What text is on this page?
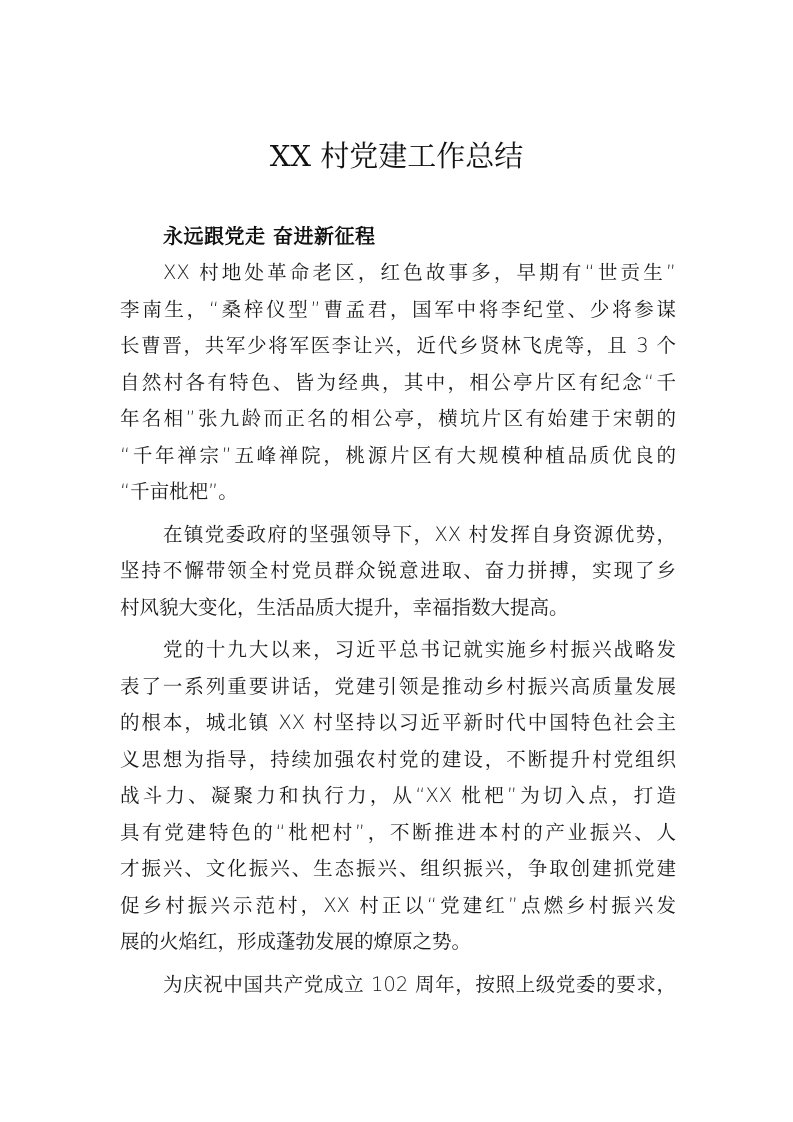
XX 村党建工作总结
永远跟党走 奋进新征程
XX 村地处革命老区，红色故事多，早期有“世贡生”
李南生，“桑梓仪型”曹孟君，国军中将李纪堂、少将参谋
长曹晋，共军少将军医李让兴，近代乡贤林飞虎等，且 3 个
自然村各有特色、皆为经典，其中，相公亭片区有纪念“千
年名相”张九龄而正名的相公亭，横坑片区有始建于宋朝的
“千年禅宗”五峰禅院，桃源片区有大规模种植品质优良的
“千亩枇杷”。
在镇党委政府的坚强领导下，XX 村发挥自身资源优势，
坚持不懈带领全村党员群众锐意进取、奋力拼搏，实现了乡
村风貌大变化，生活品质大提升，幸福指数大提高。
党的十九大以来，习近平总书记就实施乡村振兴战略发
表了一系列重要讲话，党建引领是推动乡村振兴高质量发展
的根本，城北镇 XX 村坚持以习近平新时代中国特色社会主
义思想为指导，持续加强农村党的建设，不断提升村党组织
战斗力、凝聚力和执行力，从“XX 枇杷”为切入点，打造
具有党建特色的“枇杷村”，不断推进本村的产业振兴、人
才振兴、文化振兴、生态振兴、组织振兴，争取创建抓党建
促乡村振兴示范村，XX 村正以“党建红”点燃乡村振兴发
展的火焰红，形成蓬勃发展的燎原之势。
为庆祝中国共产党成立 102 周年，按照上级党委的要求，
